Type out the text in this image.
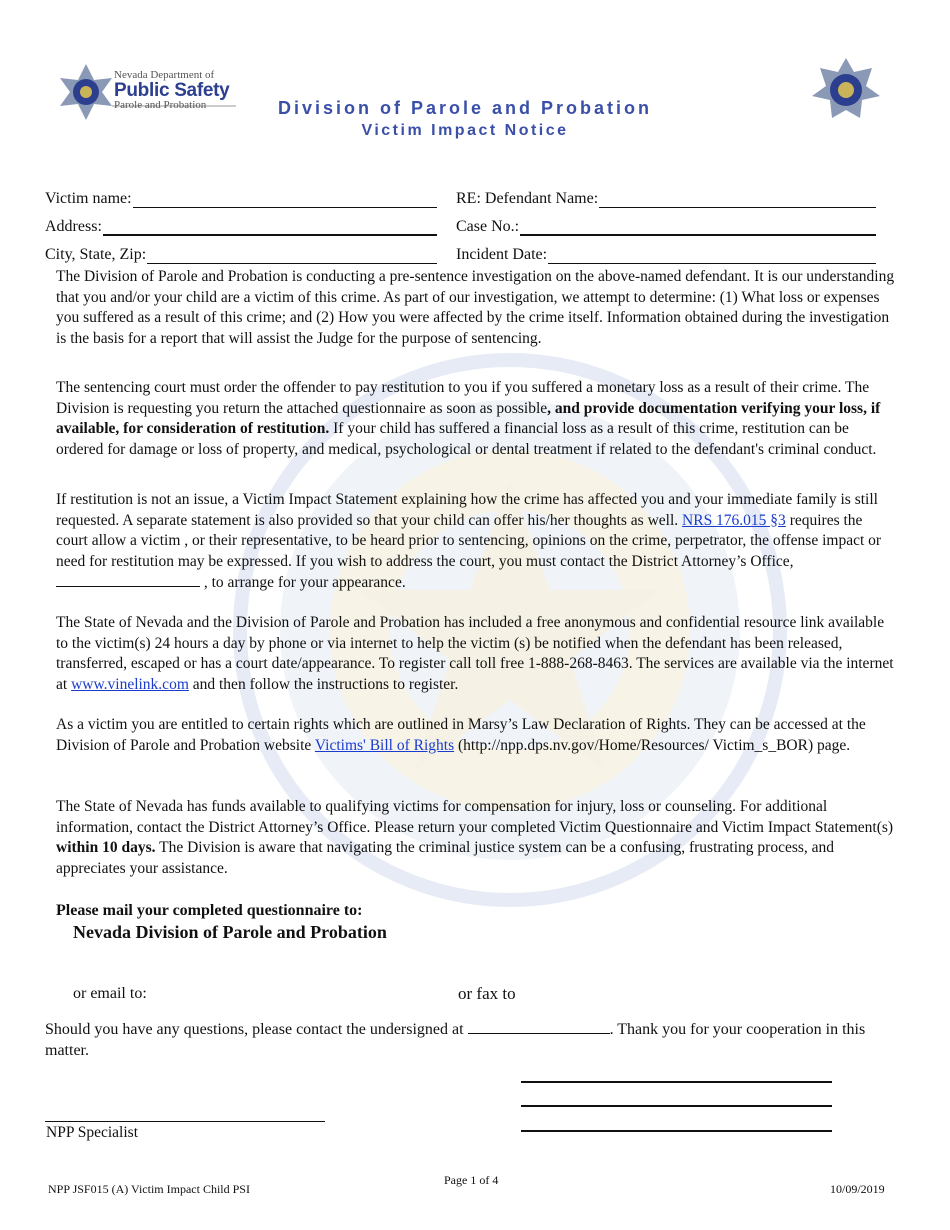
Nevada Department of
Public Safety
Parole and Probation	Division of Parole and Probation
Victim Impact Notice
Victim name:
Address:
City, State, Zip:
RE: Defendant Name:
Case No.:
Incident Date:
The Division of Parole and Probation is conducting a pre-sentence investigation on the above-named defendant. It is our understanding that you and/or your child are a victim of this crime. As part of our investigation, we attempt to determine: (1) What loss or expenses you suffered as a result of this crime; and (2) How you were affected by the crime itself. Information obtained during the investigation is the basis for a report that will assist the Judge for the purpose of sentencing.
The sentencing court must order the offender to pay restitution to you if you suffered a monetary loss as a result of their crime. The Division is requesting you return the attached questionnaire as soon as possible, and provide documentation verifying your loss, if available, for consideration of restitution. If your child has suffered a financial loss as a result of this crime, restitution can be ordered for damage or loss of property, and medical, psychological or dental treatment if related to the defendant's criminal conduct.
If restitution is not an issue, a Victim Impact Statement explaining how the crime has affected you and your immediate family is still requested. A separate statement is also provided so that your child can offer his/her thoughts as well. NRS 176.015 §3 requires the court allow a victim , or their representative, to be heard prior to sentencing, opinions on the crime, perpetrator, the offense impact or need for restitution may be expressed. If you wish to address the court, you must contact the District Attorney’s Office,  , to arrange for your appearance.
The State of Nevada and the Division of Parole and Probation has included a free anonymous and confidential resource link available to the victim(s) 24 hours a day by phone or via internet to help the victim (s) be notified when the defendant has been released, transferred, escaped or has a court date/appearance. To register call toll free 1-888-268-8463. The services are available via the internet at www.vinelink.com and then follow the instructions to register.
As a victim you are entitled to certain rights which are outlined in Marsy’s Law Declaration of Rights. They can be accessed at the Division of Parole and Probation website Victims' Bill of Rights (http://npp.dps.nv.gov/Home/Resources/ Victim_s_BOR) page.
The State of Nevada has funds available to qualifying victims for compensation for injury, loss or counseling. For additional information, contact the District Attorney’s Office. Please return your completed Victim Questionnaire and Victim Impact Statement(s) within 10 days. The Division is aware that navigating the criminal justice system can be a confusing, frustrating process, and appreciates your assistance.
Please mail your completed questionnaire to:
Nevada Division of Parole and Probation
or email to:	or fax to
Should you have any questions, please contact the undersigned at	. Thank you for your cooperation in this matter.
NPP Specialist
NPP JSF015 (A) Victim Impact Child PSI
Page 1 of 4
10/09/2019
